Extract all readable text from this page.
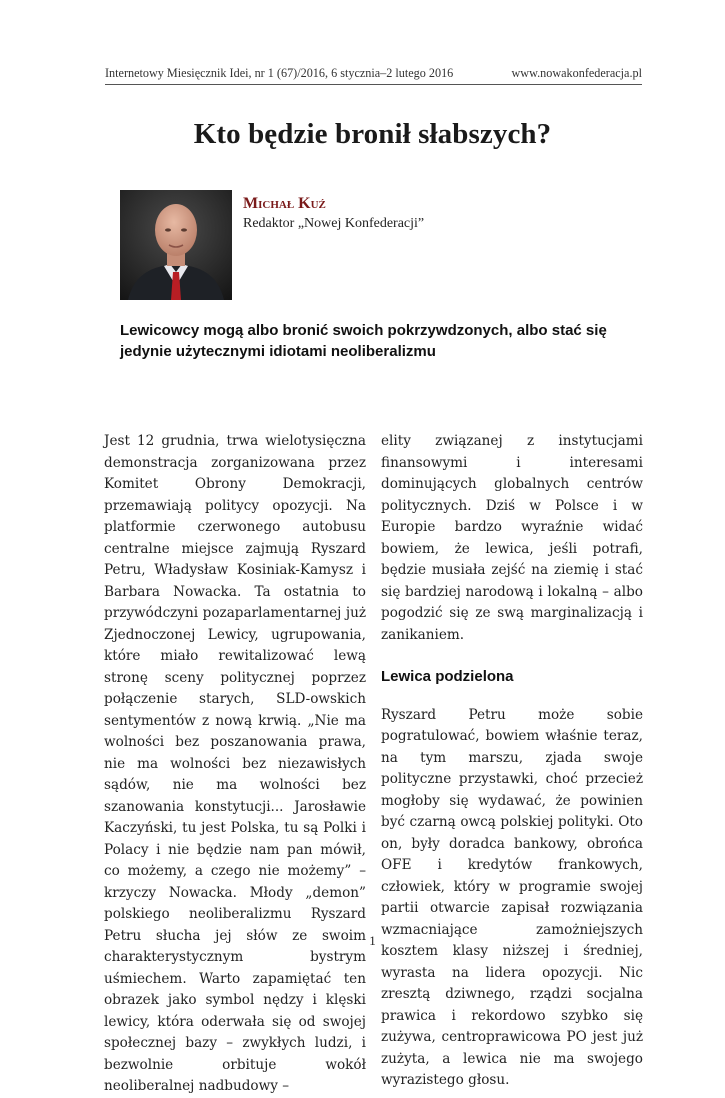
Internetowy Miesięcznik Idei, nr 1 (67)/2016, 6 stycznia–2 lutego 2016	www.nowakonfederacja.pl
Kto będzie bronił słabszych?
Michał Kuź
Redaktor „Nowej Konfederacji”
Lewicowcy mogą albo bronić swoich pokrzywdzonych, albo stać się jedynie użytecznymi idiotami neoliberalizmu

Jest 12 grudnia, trwa wielotysięczna demonstracja zorganizowana przez Komitet Obrony Demokracji, przemawiają politycy opozycji. Na platformie czerwonego autobusu centralne miejsce zajmują Ryszard Petru, Władysław Kosiniak-Kamysz i Barbara Nowacka. Ta ostatnia to przywódczyni pozaparlamentarnej już Zjednoczonej Lewicy, ugrupowania, które miało rewitalizować lewą stronę sceny politycznej poprzez połączenie starych, SLD-owskich sentymentów z nową krwią. „Nie ma wolności bez poszanowania prawa, nie ma wolności bez niezawisłych sądów, nie ma wolności bez szanowania konstytucji... Jarosławie Kaczyński, tu jest Polska, tu są Polki i Polacy i nie będzie nam pan mówił, co możemy, a czego nie możemy” – krzyczy Nowacka. Młody „demon” polskiego neoliberalizmu Ryszard Petru słucha jej słów ze swoim charakterystycznym bystrym uśmiechem. Warto zapamiętać ten obrazek jako symbol nędzy i klęski lewicy, która oderwała się od swojej społecznej bazy – zwykłych ludzi, i bezwolnie orbituje wokół neoliberalnej nadbudowy –

elity związanej z instytucjami finansowymi i interesami dominujących globalnych centrów politycznych. Dziś w Polsce i w Europie bardzo wyraźnie widać bowiem, że lewica, jeśli potrafi, będzie musiała zejść na ziemię i stać się bardziej narodową i lokalną – albo pogodzić się ze swą marginalizacją i zanikaniem.

Lewica podzielona

Ryszard Petru może sobie pogratulować, bowiem właśnie teraz, na tym marszu, zjada swoje polityczne przystawki, choć przecież mogłoby się wydawać, że powinien być czarną owcą polskiej polityki. Oto on, były doradca bankowy, obrońca OFE i kredytów frankowych, człowiek, który w programie swojej partii otwarcie zapisał rozwiązania wzmacniające zamożniejszych kosztem klasy niższej i średniej, wyrasta na lidera opozycji. Nic zresztą dziwnego, rządzi socjalna prawica i rekordowo szybko się zużywa, centroprawicowa PO jest już zużyta, a lewica nie ma swojego wyrazistego głosu.

1
